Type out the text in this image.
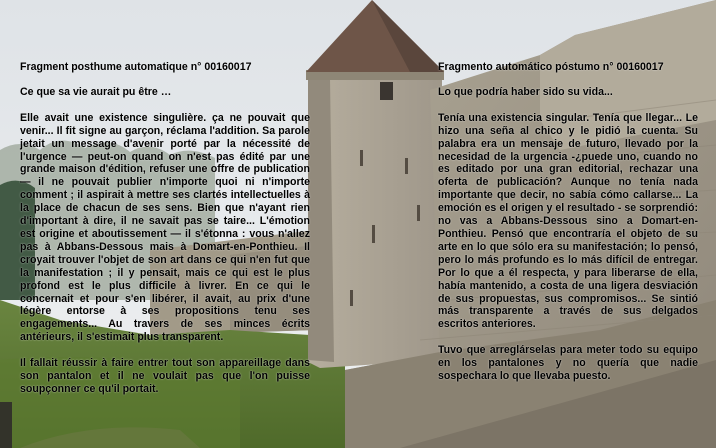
Fragment posthume automatique n° 00160017
Ce que sa vie aurait pu être …
Elle avait une existence singulière. ça ne pouvait que venir... Il fit signe au garçon, réclama l'addition. Sa parole jetait un message d'avenir porté par la nécessité de l'urgence — peut-on quand on n'est pas édité par une grande maison d'édition, refuser une offre de publication — il ne pouvait publier n'importe quoi ni n'importe comment ; il aspirait à mettre ses clartés intellectuelles à la place de chacun de ses sens. Bien que n'ayant rien d'important à dire, il ne savait pas se taire... L'émotion est origine et aboutissement — il s'étonna : vous n'allez pas à Abbans-Dessous mais à Domart-en-Ponthieu. Il croyait trouver l'objet de son art dans ce qui n'en fut que la manifestation ; il y pensait, mais ce qui est le plus profond est le plus difficile à livrer. En ce qui le concernait et pour s'en libérer, il avait, au prix d'une légère entorse à ses propositions tenu ses engagements... Au travers de ses minces écrits antérieurs, il s'estimait plus transparent.
Il fallait réussir à faire entrer tout son appareillage dans son pantalon et il ne voulait pas que l'on puisse soupçonner ce qu'il portait.
Fragmento automático póstumo n° 00160017
Lo que podría haber sido su vida...
Tenía una existencia singular. Tenía que llegar... Le hizo una seña al chico y le pidió la cuenta. Su palabra era un mensaje de futuro, llevado por la necesidad de la urgencia -¿puede uno, cuando no es editado por una gran editorial, rechazar una oferta de publicación? Aunque no tenía nada importante que decir, no sabía cómo callarse... La emoción es el origen y el resultado - se sorprendió: no vas a Abbans-Dessous sino a Domart-en-Ponthieu. Pensó que encontraría el objeto de su arte en lo que sólo era su manifestación; lo pensó, pero lo más profundo es lo más difícil de entregar. Por lo que a él respecta, y para liberarse de ella, había mantenido, a costa de una ligera desviación de sus propuestas, sus compromisos... Se sintió más transparente a través de sus delgados escritos anteriores.
Tuvo que arreglárselas para meter todo su equipo en los pantalones y no quería que nadie sospechara lo que llevaba puesto.
